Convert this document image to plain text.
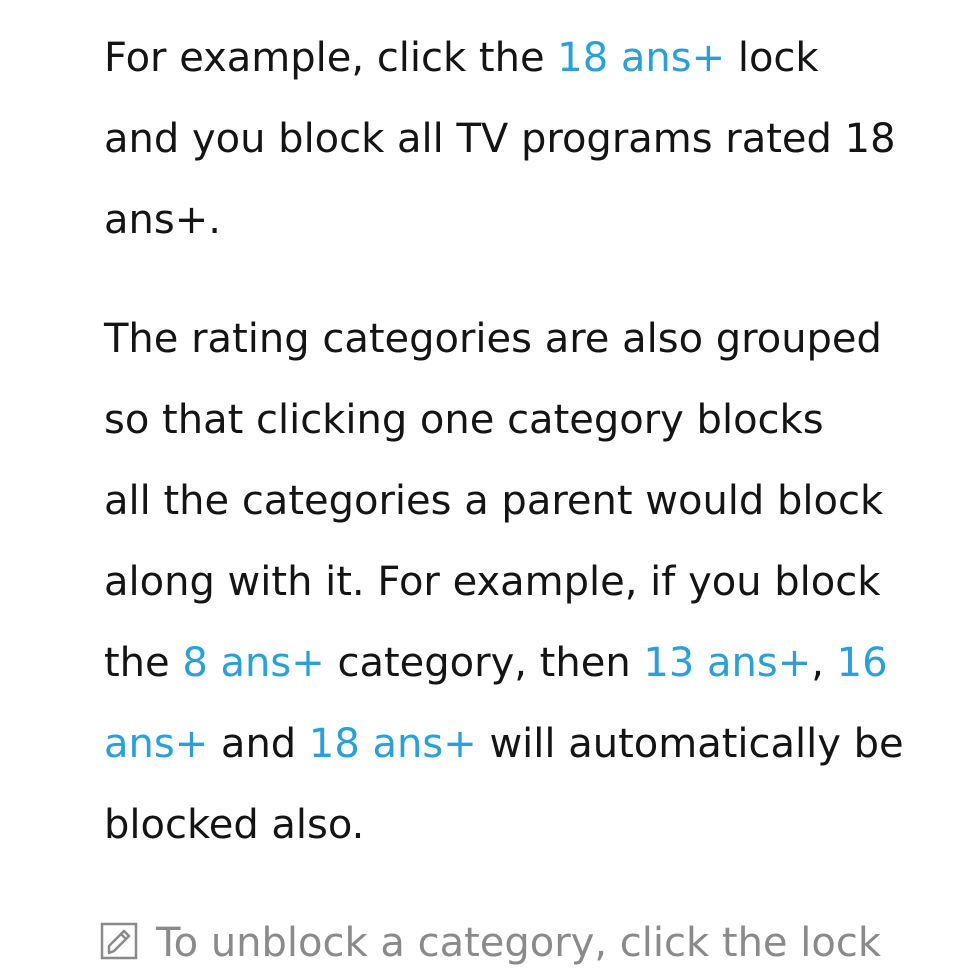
For example, click the 18 ans+ lock
and you block all TV programs rated 18
ans+.
The rating categories are also grouped
so that clicking one category blocks
all the categories a parent would block
along with it. For example, if you block
the 8 ans+ category, then 13 ans+, 16
ans+ and 18 ans+ will automatically be
blocked also.
To unblock a category, click the lock
